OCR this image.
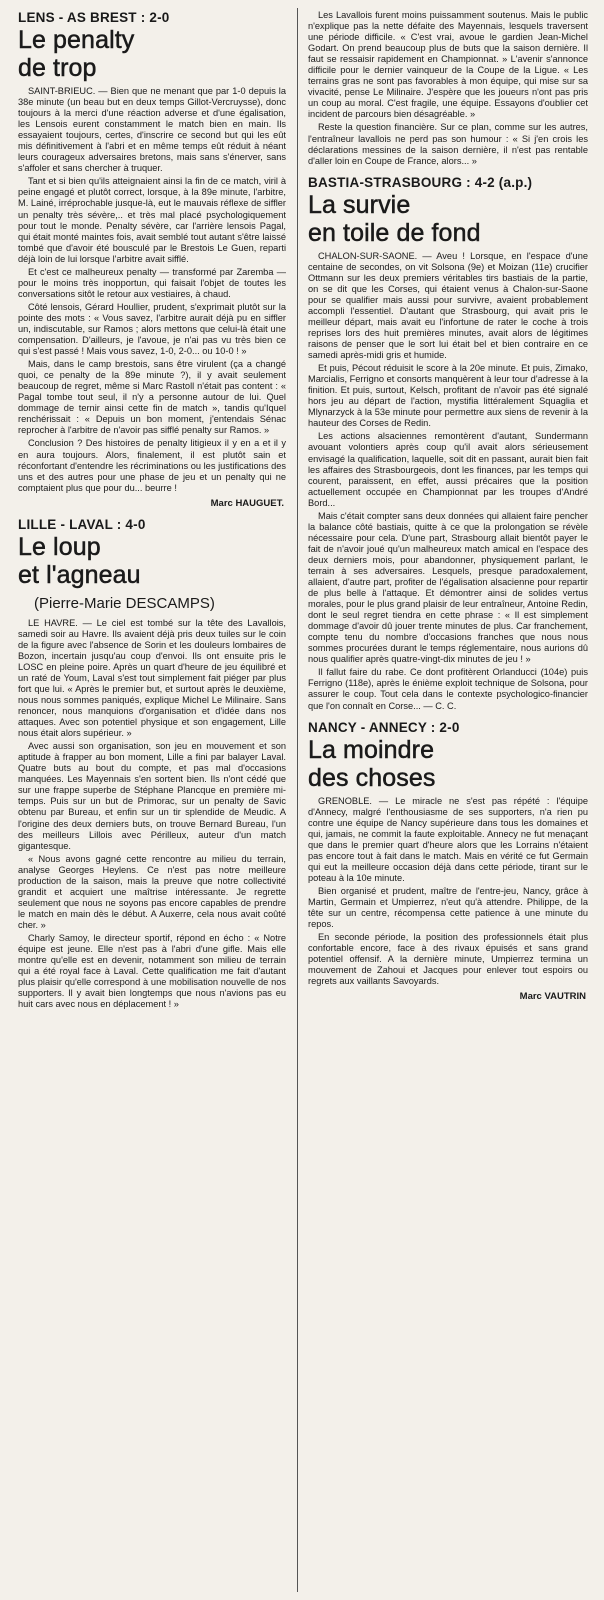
LENS - AS BREST : 2-0
Le penalty
de trop

SAINT-BRIEUC. — Bien que ne menant que par 1-0 depuis la 38e minute (un beau but en deux temps Gillot-Vercruysse), donc toujours à la merci d'une réaction adverse et d'une égalisation, les Lensois eurent constamment le match bien en main. Ils essayaient toujours, certes, d'inscrire ce second but qui les eût mis définitivement à l'abri et en même temps eût réduit à néant leurs courageux adversaires bretons, mais sans s'énerver, sans s'affoler et sans chercher à truquer.

Tant et si bien qu'ils atteignaient ainsi la fin de ce match, viril à peine engagé et plutôt correct, lorsque, à la 89e minute, l'arbitre, M. Lainé, irréprochable jusque-là, eut le mauvais réflexe de siffler un penalty très sévère,.. et très mal placé psychologiquement pour tout le monde. Penalty sévère, car l'arrière lensois Pagal, qui était monté maintes fois, avait semblé tout autant s'être laissé tombé que d'avoir été bousculé par le Brestois Le Guen, reparti déjà loin de lui lorsque l'arbitre avait sifflé.

Et c'est ce malheureux penalty — transformé par Zaremba — pour le moins très inopportun, qui faisait l'objet de toutes les conversations sitôt le retour aux vestiaires, à chaud.

Côté lensois, Gérard Houllier, prudent, s'exprimait plutôt sur la pointe des mots : « Vous savez, l'arbitre aurait déjà pu en siffler un, indiscutable, sur Ramos ; alors mettons que celui-là était une compensation. D'ailleurs, je l'avoue, je n'ai pas vu très bien ce qui s'est passé ! Mais vous savez, 1-0, 2-0... ou 10-0 ! »

Mais, dans le camp brestois, sans être virulent (ça a changé quoi, ce penalty de la 89e minute ?), il y avait seulement beaucoup de regret, même si Marc Rastoll n'était pas content : « Pagal tombe tout seul, il n'y a personne autour de lui. Quel dommage de ternir ainsi cette fin de match », tandis qu'Iquel renchérissait : « Depuis un bon moment, j'entendais Sénac reprocher à l'arbitre de n'avoir pas sifflé penalty sur Ramos. »

Conclusion ? Des histoires de penalty litigieux il y en a et il y en aura toujours. Alors, finalement, il est plutôt sain et réconfortant d'entendre les récriminations ou les justifications des uns et des autres pour une phase de jeu et un penalty qui ne comptaient plus que pour du... beurre !

Marc HAUGUET.
LILLE - LAVAL : 4-0
Le loup
et l'agneau
(Pierre-Marie DESCAMPS)

LE HAVRE. — Le ciel est tombé sur la tête des Lavallois, samedi soir au Havre. Ils avaient déjà pris deux tuiles sur le coin de la figure avec l'absence de Sorin et les douleurs lombaires de Bozon, incertain jusqu'au coup d'envoi. Ils ont ensuite pris le LOSC en pleine poire. Après un quart d'heure de jeu équilibré et un raté de Youm, Laval s'est tout simplement fait piéger par plus fort que lui. « Après le premier but, et surtout après le deuxième, nous nous sommes paniqués, explique Michel Le Milinaire. Sans renoncer, nous manquions d'organisation et d'idée dans nos attaques. Avec son potentiel physique et son engagement, Lille nous était alors supérieur. »

Avec aussi son organisation, son jeu en mouvement et son aptitude à frapper au bon moment, Lille a fini par balayer Laval. Quatre buts au bout du compte, et pas mal d'occasions manquées. Les Mayennais s'en sortent bien. Ils n'ont cédé que sur une frappe superbe de Stéphane Plancque en première mi-temps. Puis sur un but de Primorac, sur un penalty de Savic obtenu par Bureau, et enfin sur un tir splendide de Meudic. A l'origine des deux derniers buts, on trouve Bernard Bureau, l'un des meilleurs Lillois avec Périlleux, auteur d'un match gigantesque.

« Nous avons gagné cette rencontre au milieu du terrain, analyse Georges Heylens. Ce n'est pas notre meilleure production de la saison, mais la preuve que notre collectivité grandit et acquiert une maîtrise intéressante. Je regrette seulement que nous ne soyons pas encore capables de prendre le match en main dès le début. A Auxerre, cela nous avait coûté cher. »

Charly Samoy, le directeur sportif, répond en écho : « Notre équipe est jeune. Elle n'est pas à l'abri d'une gifle. Mais elle montre qu'elle est en devenir, notamment son milieu de terrain qui a été royal face à Laval. Cette qualification me fait d'autant plus plaisir qu'elle correspond à une mobilisation nouvelle de nos supporters. Il y avait bien longtemps que nous n'avions pas eu huit cars avec nous en déplacement ! »

Les Lavallois furent moins puissamment soutenus. Mais le public n'explique pas la nette défaite des Mayennais, lesquels traversent une période difficile. « C'est vrai, avoue le gardien Jean-Michel Godart. On prend beaucoup plus de buts que la saison dernière. Il faut se ressaisir rapidement en Championnat. » L'avenir s'annonce difficile pour le dernier vainqueur de la Coupe de la Ligue. « Les terrains gras ne sont pas favorables à mon équipe, qui mise sur sa vivacité, pense Le Milinaire. J'espère que les joueurs n'ont pas pris un coup au moral. C'est fragile, une équipe. Essayons d'oublier cet incident de parcours bien désagréable. »

Reste la question financière. Sur ce plan, comme sur les autres, l'entraîneur lavallois ne perd pas son humour : « Si j'en crois les déclarations messines de la saison dernière, il n'est pas rentable d'aller loin en Coupe de France, alors... »

BASTIA-STRASBOURG : 4-2 (a.p.)
La survie
en toile de fond

CHALON-SUR-SAONE. — Aveu ! Lorsque, en l'espace d'une centaine de secondes, on vit Solsona (9e) et Moizan (11e) crucifier Ottmann sur les deux premiers véritables tirs bastiais de la partie, on se dit que les Corses, qui étaient venus à Chalon-sur-Saone pour se qualifier mais aussi pour survivre, avaient probablement accompli l'essentiel. D'autant que Strasbourg, qui avait pris le meilleur départ, mais avait eu l'infortune de rater le coche à trois reprises lors des huit premières minutes, avait alors de légitimes raisons de penser que le sort lui était bel et bien contraire en ce samedi après-midi gris et humide.

Et puis, Pécout réduisit le score à la 20e minute. Et puis, Zimako, Marcialis, Ferrigno et consorts manquèrent à leur tour d'adresse à la finition. Et puis, surtout, Kelsch, profitant de n'avoir pas été signalé hors jeu au départ de l'action, mystifia littéralement Squaglia et Mlynarzyck à la 53e minute pour permettre aux siens de revenir à la hauteur des Corses de Redin.

Les actions alsaciennes remontèrent d'autant, Sundermann avouant volontiers après coup qu'il avait alors sérieusement envisagé la qualification, laquelle, soit dit en passant, aurait bien fait les affaires des Strasbourgeois, dont les finances, par les temps qui courent, paraissent, en effet, aussi précaires que la position actuellement occupée en Championnat par les troupes d'André Bord...

Mais c'était compter sans deux données qui allaient faire pencher la balance côté bastiais, quitte à ce que la prolongation se révèle nécessaire pour cela. D'une part, Strasbourg allait bientôt payer le fait de n'avoir joué qu'un malheureux match amical en l'espace des deux derniers mois, pour abandonner, physiquement parlant, le terrain à ses adversaires. Lesquels, presque paradoxalement, allaient, d'autre part, profiter de l'égalisation alsacienne pour repartir de plus belle à l'attaque. Et démontrer ainsi de solides vertus morales, pour le plus grand plaisir de leur entraîneur, Antoine Redin, dont le seul regret tiendra en cette phrase : « Il est simplement dommage d'avoir dû jouer trente minutes de plus. Car franchement, compte tenu du nombre d'occasions franches que nous nous sommes procurées durant le temps réglementaire, nous aurions dû nous qualifier après quatre-vingt-dix minutes de jeu ! »

Il fallut faire du rabe. Ce dont profitèrent Orlanducci (104e) puis Ferrigno (118e), après le énième exploit technique de Solsona, pour assurer le coup. Tout cela dans le contexte psychologico-financier que l'on connaît en Corse... — C. C.

NANCY - ANNECY : 2-0
La moindre
des choses

GRENOBLE. — Le miracle ne s'est pas répété : l'équipe d'Annecy, malgré l'enthousiasme de ses supporters, n'a rien pu contre une équipe de Nancy supérieure dans tous les domaines et qui, jamais, ne commit la faute exploitable. Annecy ne fut menaçant que dans le premier quart d'heure alors que les Lorrains n'étaient pas encore tout à fait dans le match. Mais en vérité ce fut Germain qui eut la meilleure occasion déjà dans cette période, tirant sur le poteau à la 10e minute.

Bien organisé et prudent, maître de l'entre-jeu, Nancy, grâce à Martin, Germain et Umpierrez, n'eut qu'à attendre. Philippe, de la tête sur un centre, récompensa cette patience à une minute du repos.

En seconde période, la position des professionnels était plus confortable encore, face à des rivaux épuisés et sans grand potentiel offensif. A la dernière minute, Umpierrez termina un mouvement de Zahoui et Jacques pour enlever tout espoirs ou regrets aux vaillants Savoyards.

Marc VAUTRIN
